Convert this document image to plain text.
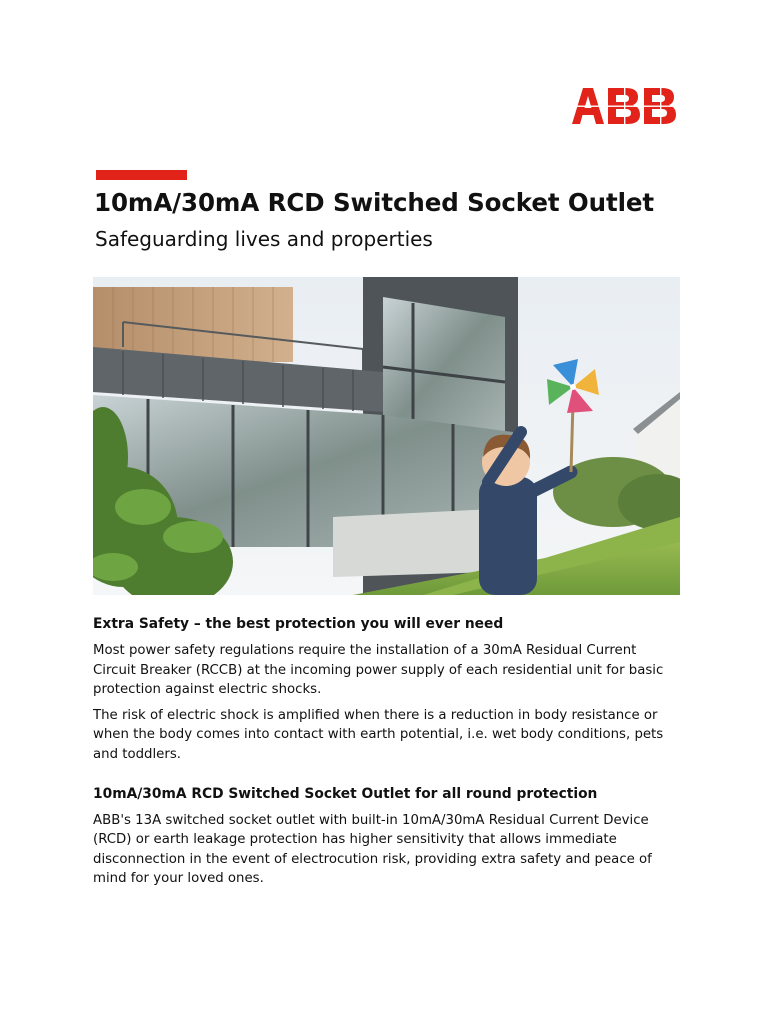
10mA/30mA RCD Switched Socket Outlet
Safeguarding lives and properties
Extra Safety – the best protection you will ever need

Most power safety regulations require the installation of a 30mA Residual Current Circuit Breaker (RCCB) at the incoming power supply of each residential unit for basic protection against electric shocks.

The risk of electric shock is amplified when there is a reduction in body resistance or when the body comes into contact with earth potential, i.e. wet body conditions, pets and toddlers.

10mA/30mA RCD Switched Socket Outlet for all round protection

ABB's 13A switched socket outlet with built-in 10mA/30mA Residual Current Device (RCD) or earth leakage protection has higher sensitivity that allows immediate disconnection in the event of electrocution risk, providing extra safety and peace of mind for your loved ones.
